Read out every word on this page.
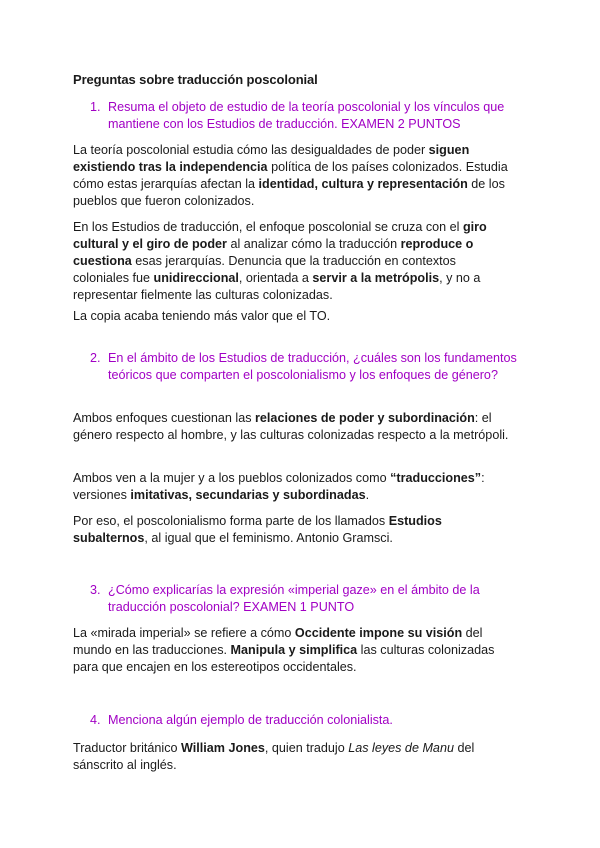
Preguntas sobre traducción poscolonial
1. Resuma el objeto de estudio de la teoría poscolonial y los vínculos que mantiene con los Estudios de traducción. EXAMEN 2 PUNTOS
La teoría poscolonial estudia cómo las desigualdades de poder siguen existiendo tras la independencia política de los países colonizados. Estudia cómo estas jerarquías afectan la identidad, cultura y representación de los pueblos que fueron colonizados.
En los Estudios de traducción, el enfoque poscolonial se cruza con el giro cultural y el giro de poder al analizar cómo la traducción reproduce o cuestiona esas jerarquías. Denuncia que la traducción en contextos coloniales fue unidireccional, orientada a servir a la metrópolis, y no a representar fielmente las culturas colonizadas.
La copia acaba teniendo más valor que el TO.
2. En el ámbito de los Estudios de traducción, ¿cuáles son los fundamentos teóricos que comparten el poscolonialismo y los enfoques de género?
Ambos enfoques cuestionan las relaciones de poder y subordinación: el género respecto al hombre, y las culturas colonizadas respecto a la metrópoli.
Ambos ven a la mujer y a los pueblos colonizados como “traducciones”: versiones imitativas, secundarias y subordinadas.
Por eso, el poscolonialismo forma parte de los llamados Estudios subalternos, al igual que el feminismo. Antonio Gramsci.
3. ¿Cómo explicarías la expresión «imperial gaze» en el ámbito de la traducción poscolonial? EXAMEN 1 PUNTO
La «mirada imperial» se refiere a cómo Occidente impone su visión del mundo en las traducciones. Manipula y simplifica las culturas colonizadas para que encajen en los estereotipos occidentales.
4. Menciona algún ejemplo de traducción colonialista.
Traductor británico William Jones, quien tradujo Las leyes de Manu del sánscrito al inglés.
